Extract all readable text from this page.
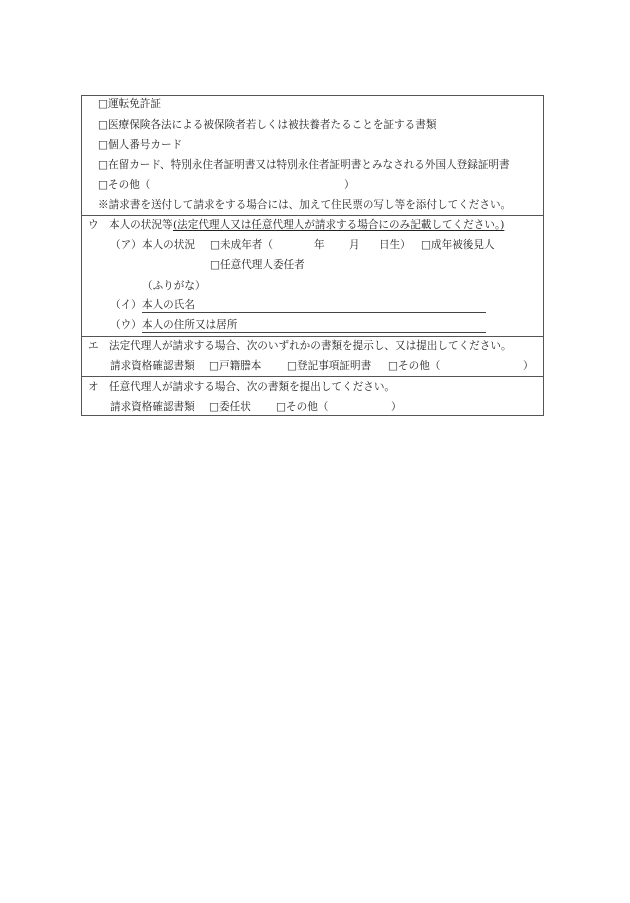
□運転免許証
□医療保険各法による被保険者若しくは被扶養者たることを証する書類
□個人番号カード
□在留カード、特別永住者証明書又は特別永住者証明書とみなされる外国人登録証明書
□その他（	）
※請求書を送付して請求をする場合には、加えて住民票の写し等を添付してください。
ウ 本人の状況等 (法定代理人又は任意代理人が請求する場合にのみ記載してください。)
（ア） 本人の状況 □未成年者（	年 月 日生） □成年被後見人
□任意代理人委任者
（ふりがな）
（イ） 本人の氏名
（ウ） 本人の住所又は居所
エ 法定代理人が請求する場合、次のいずれかの書類を提示し、又は提出してください。
請求資格確認書類 □戸籍謄本 □登記事項証明書 □その他（	）
オ 任意代理人が請求する場合、次の書類を提出してください。
請求資格確認書類 □委任状 □その他（	）
